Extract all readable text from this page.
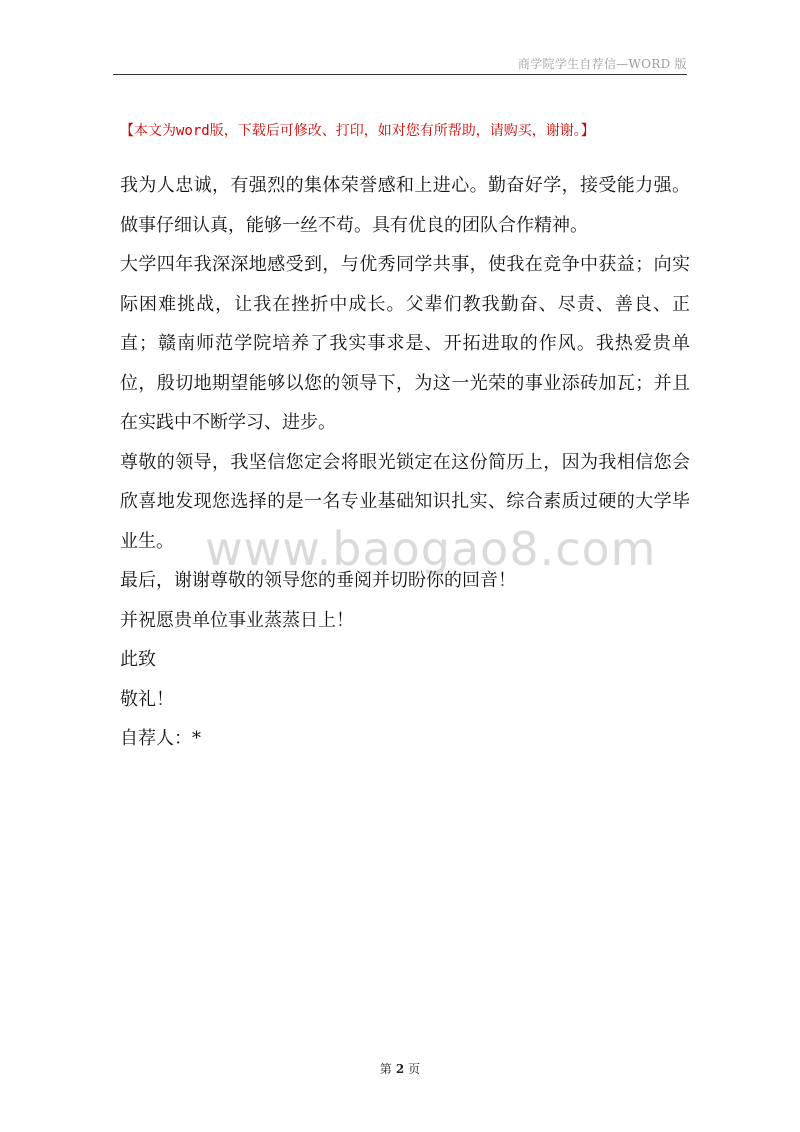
商学院学生自荐信—WORD 版
【本文为word版，下载后可修改、打印，如对您有所帮助，请购买，谢谢。】

我为人忠诚，有强烈的集体荣誉感和上进心。勤奋好学，接受能力强。做事仔细认真，能够一丝不苟。具有优良的团队合作精神。

大学四年我深深地感受到，与优秀同学共事，使我在竞争中获益；向实际困难挑战，让我在挫折中成长。父辈们教我勤奋、尽责、善良、正直；赣南师范学院培养了我实事求是、开拓进取的作风。我热爱贵单位，殷切地期望能够以您的领导下，为这一光荣的事业添砖加瓦；并且在实践中不断学习、进步。

尊敬的领导，我坚信您定会将眼光锁定在这份简历上，因为我相信您会欣喜地发现您选择的是一名专业基础知识扎实、综合素质过硬的大学毕业生。

最后，谢谢尊敬的领导您的垂阅并切盼你的回音！

并祝愿贵单位事业蒸蒸日上！

此致

敬礼！

自荐人：*

www.baogao8.com
第 2 页
